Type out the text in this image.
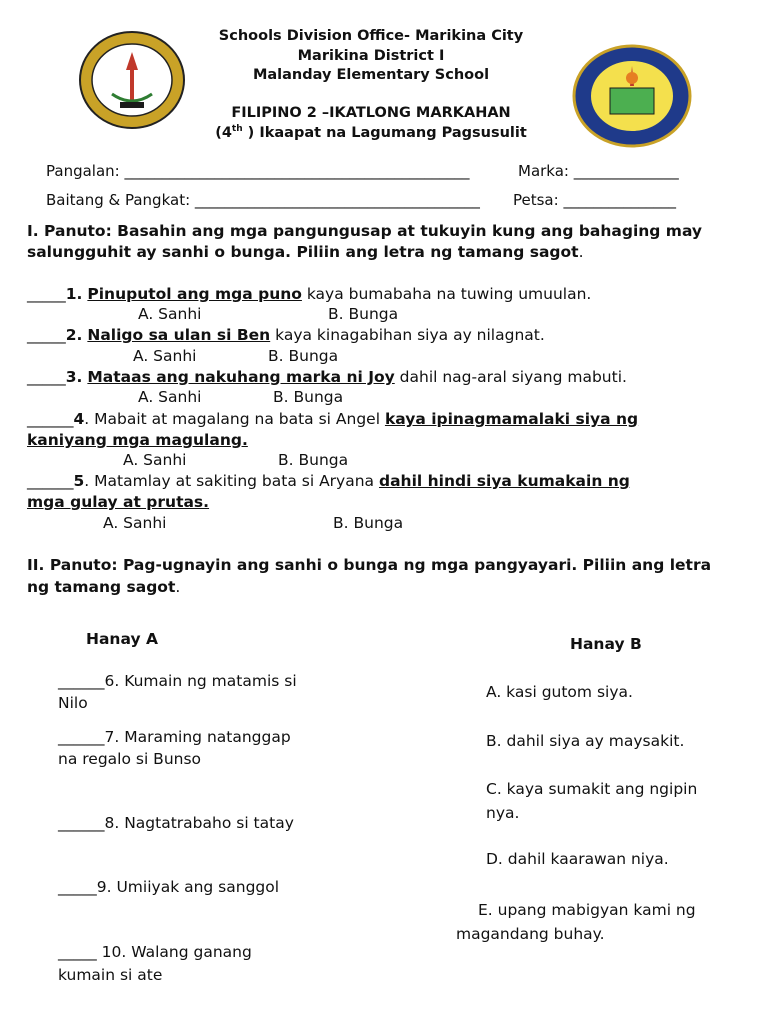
Schools Division Office- Marikina City
Marikina District I
Malanday Elementary School
FILIPINO 2 –IKATLONG MARKAHAN
(4th ) Ikaapat na Lagumang Pagsusulit
Pangalan: ______________________________________________	Marka: ______________
Baitang & Pangkat: ______________________________________ Petsa: _______________
I. Panuto: Basahin ang mga pangungusap at tukuyin kung ang bahaging may
salungguhit ay sanhi o bunga. Piliin ang letra ng tamang sagot.
_____1. Pinuputol ang mga puno kaya bumabaha na tuwing umuulan.
A. Sanhi	B. Bunga
_____2. Naligo sa ulan si Ben kaya kinagabihan siya ay nilagnat.
A. Sanhi	B. Bunga
_____3. Mataas ang nakuhang marka ni Joy dahil nag-aral siyang mabuti.
A. Sanhi	B. Bunga
______4. Mabait at magalang na bata si Angel kaya ipinagmamalaki siya ng
kaniyang mga magulang.
A. Sanhi	B. Bunga
______5. Matamlay at sakiting bata si Aryana dahil hindi siya kumakain ng
mga gulay at prutas.
A. Sanhi	B. Bunga
II. Panuto: Pag-ugnayin ang sanhi o bunga ng mga pangyayari. Piliin ang letra
ng tamang sagot.
Hanay A	Hanay B
______6. Kumain ng matamis si
Nilo
______7. Maraming natanggap
na regalo si Bunso
______8. Nagtatrabaho si tatay
_____9. Umiiyak ang sanggol
_____ 10. Walang ganang
kumain si ate
A. kasi gutom siya.
B. dahil siya ay maysakit.
C. kaya sumakit ang ngipin
nya.
D. dahil kaarawan niya.
E. upang mabigyan kami ng
magandang buhay.
